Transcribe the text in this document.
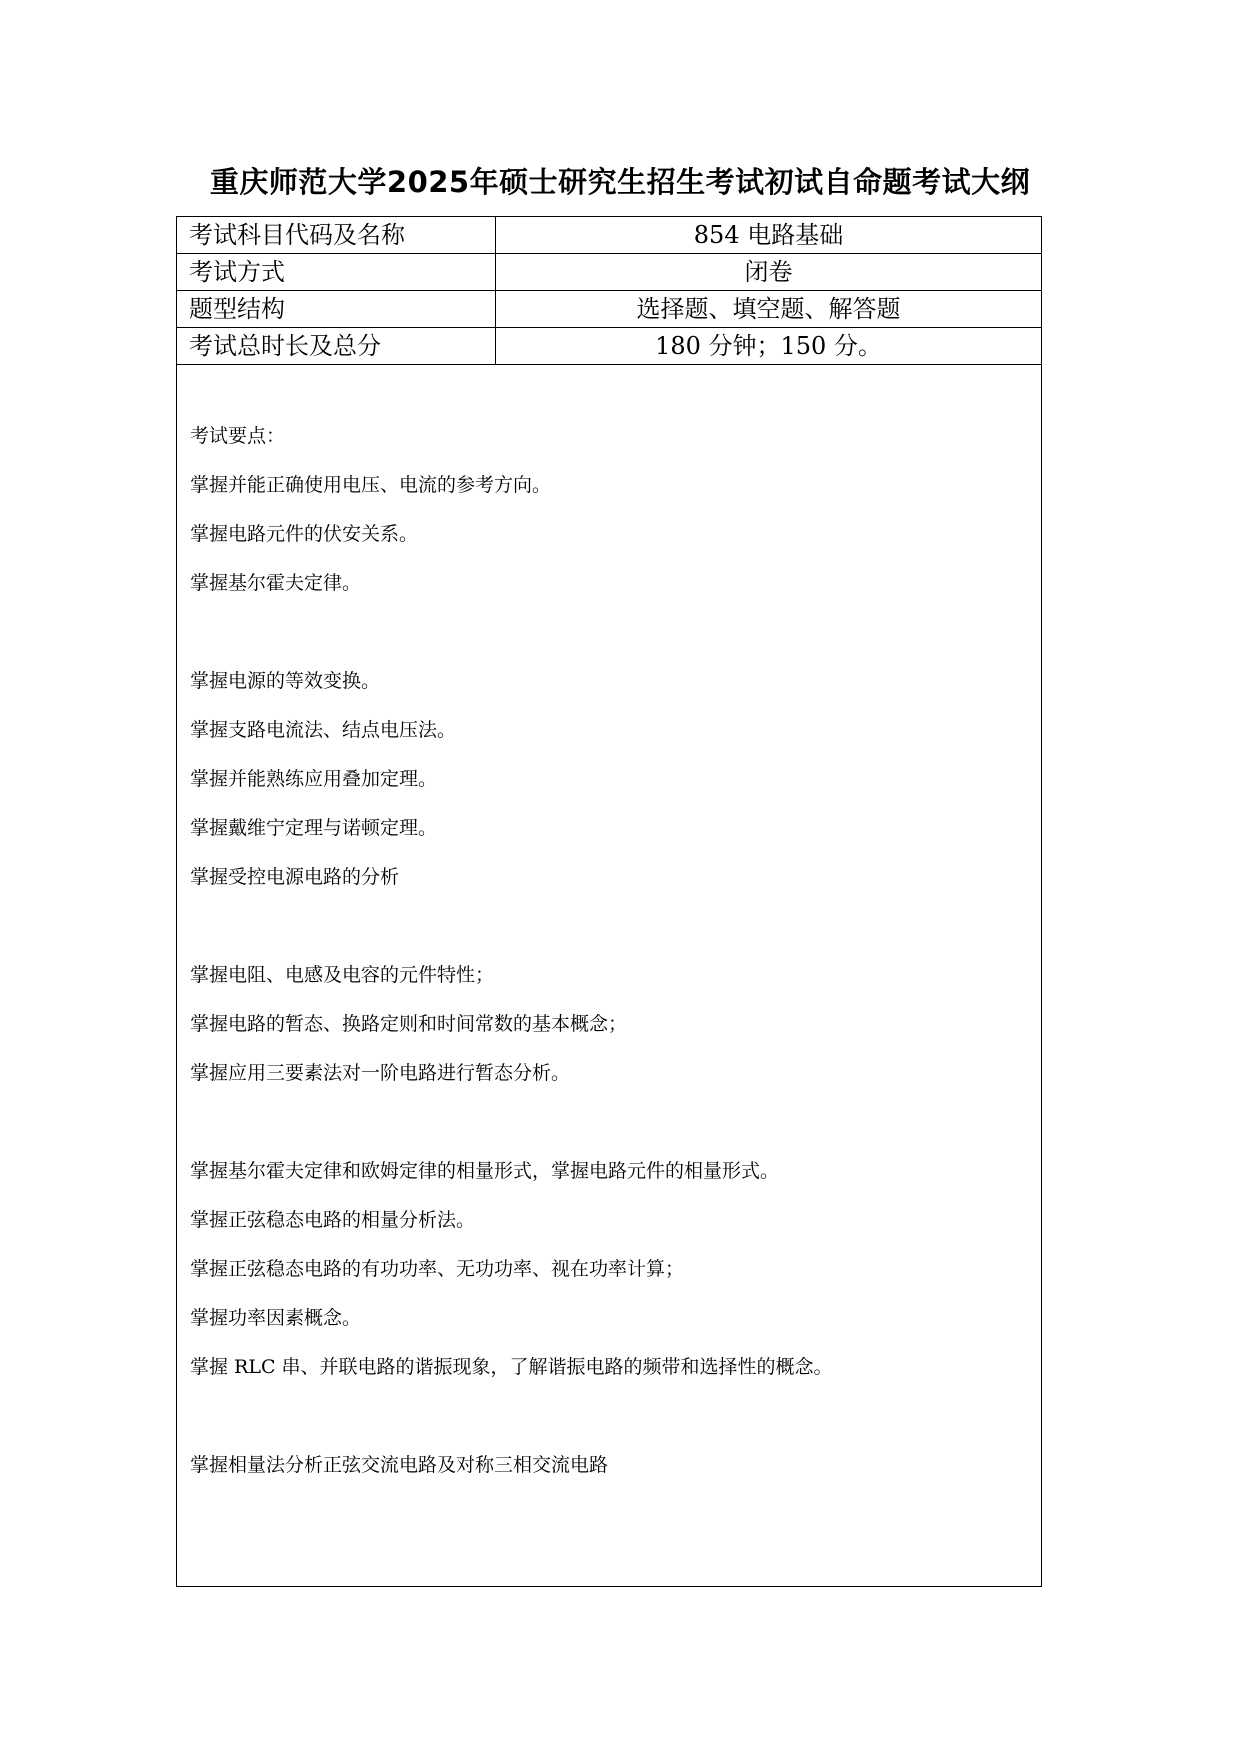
重庆师范大学2025年硕士研究生招生考试初试自命题考试大纲
考试科目代码及名称	854 电路基础
考试方式	闭卷
题型结构	选择题、填空题、解答题
考试总时长及总分	180 分钟；150 分。
考试要点：
掌握并能正确使用电压、电流的参考方向。
掌握电路元件的伏安关系。
掌握基尔霍夫定律。
掌握电源的等效变换。
掌握支路电流法、结点电压法。
掌握并能熟练应用叠加定理。
掌握戴维宁定理与诺顿定理。
掌握受控电源电路的分析
掌握电阻、电感及电容的元件特性；
掌握电路的暂态、换路定则和时间常数的基本概念；
掌握应用三要素法对一阶电路进行暂态分析。
掌握基尔霍夫定律和欧姆定律的相量形式，掌握电路元件的相量形式。
掌握正弦稳态电路的相量分析法。
掌握正弦稳态电路的有功功率、无功功率、视在功率计算；
掌握功率因素概念。
掌握 RLC 串、并联电路的谐振现象，了解谐振电路的频带和选择性的概念。
掌握相量法分析正弦交流电路及对称三相交流电路
